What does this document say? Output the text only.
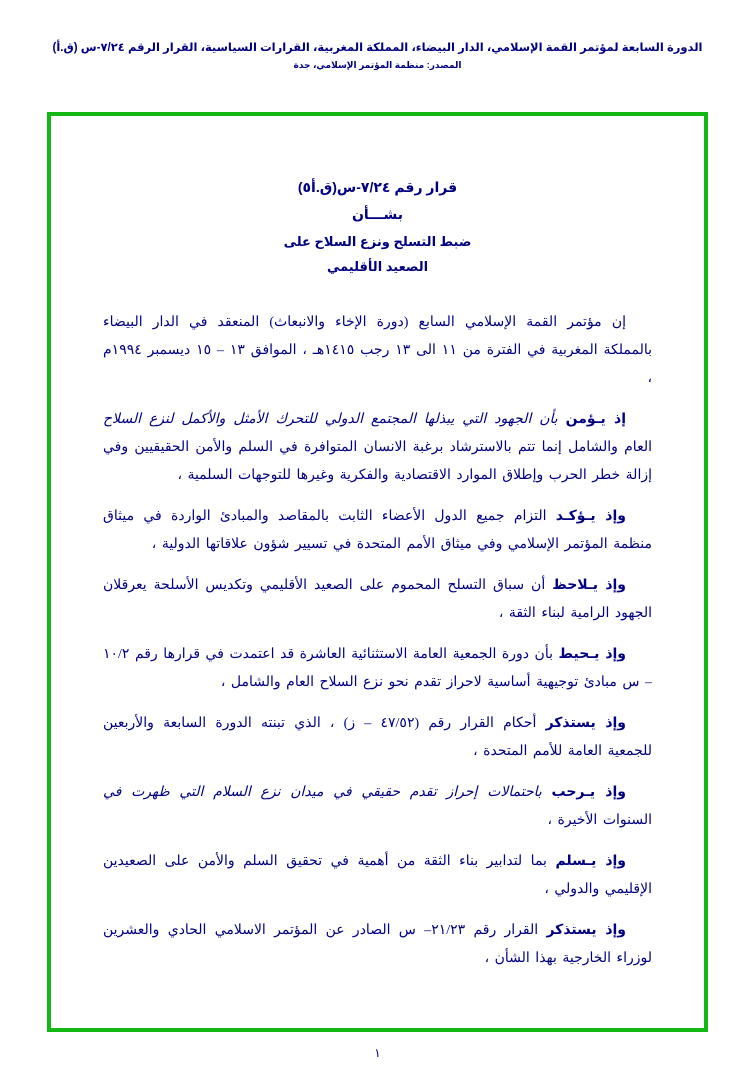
الدورة السابعة لمؤتمر القمة الإسلامي، الدار البيضاء، المملكة المغربية، القرارات السياسية، القرار الرقم ٧/٢٤-س (ق.أ)
المصدر: منظمة المؤتمر الإسلامي، جدة
قرار رقم ٧/٢٤-س(ق.أ٥)
بشـــأن
ضبط التسلح ونزع السلاح على
الصعيد الأقليمي

إن مؤتمر القمة الإسلامي السابع (دورة الإخاء والانبعاث) المنعقد في الدار البيضاء بالمملكة المغربية في الفترة من ١١ الى ١٣ رجب ١٤١٥هـ ، الموافق ١٣ – ١٥ ديسمبر ١٩٩٤م ،

إذ يـؤمن بأن الجهود التي يبذلها المجتمع الدولي للتحرك الأمثل والأكمل لنزع السلاح العام والشامل إنما تتم بالاسترشاد برغبة الانسان المتوافرة في السلم والأمن الحقيقيين وفي إزالة خطر الحرب وإطلاق الموارد الاقتصادية والفكرية وغيرها للتوجهات السلمية ،

وإذ يـؤكـد التزام جميع الدول الأعضاء الثابت بالمقاصد والمبادئ الواردة في ميثاق منظمة المؤتمر الإسلامي وفي ميثاق الأمم المتحدة في تسيير شؤون علاقاتها الدولية ،

وإذ يـلاحظ أن سباق التسلح المحموم على الصعيد الأقليمي وتكديس الأسلحة يعرقلان الجهود الرامية لبناء الثقة ،

وإذ يـحيط بأن دورة الجمعية العامة الاستثنائية العاشرة قد اعتمدت في قرارها رقم ١٠/٢ – س مبادئ توجيهية أساسية لاحراز تقدم نحو نزع السلاح العام والشامل ،

وإذ يستذكر أحكام القرار رقم (٤٧/٥٢ – ز) ، الذي تبنته الدورة السابعة والأربعين للجمعية العامة للأمم المتحدة ،

وإذ يـرحب باحتمالات إحراز تقدم حقيقي في ميدان نزع السلام التي ظهرت في السنوات الأخيرة ،

وإذ يـسلم بما لتدابير بناء الثقة من أهمية في تحقيق السلم والأمن على الصعيدين الإقليمي والدولي ،

وإذ يستذكر القرار رقم ٢١/٢٣– س الصادر عن المؤتمر الاسلامي الحادي والعشرين لوزراء الخارجية بهذا الشأن ،

١
